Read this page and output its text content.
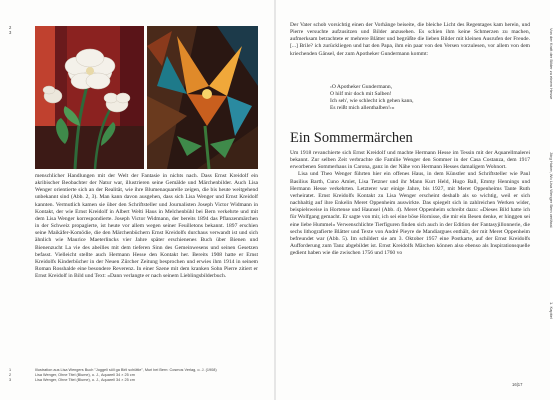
2
3

menschlicher Handlungen mit der Welt der Fantasie in nichts nach. Dass Ernst Kreidolf ein akribischer Beobachter der Natur war, illustrieren seine Gemälde und Märchenbilder. Auch Lisa Wenger orientierte sich an der Realität, wie ihre Blumenaquarelle zeigen, die bis heute weitgehend unbekannt sind (Abb. 2, 3). Man kann davon ausgehen, dass sich Lisa Wenger und Ernst Kreidolf kannten. Vermutlich kamen sie über den Schriftsteller und Journalisten Joseph Victor Widmann in Kontakt, der wie Ernst Kreidolf in Albert Welti Haus in Melchenbühl bei Bern verkehrte und mit dem Lisa Wenger korrespondierte. Joseph Victor Widmann, der bereits 1894 das Pflanzenmärchen in der Schweiz propagierte, ist heute vor allem wegen seiner Feuilletons bekannt. 1897 erschien seine Maikäfer-Komödie, die den Märchenbüchern Ernst Kreidolfs durchaus verwandt ist und sich ähnlich wie Maurice Maeterlincks vier Jahre später erschienenes Buch über Bienen und Bienenzucht La vie des abeilles mit dem tieferen Sinn des Gemeinwesens und seinen Gesetzen befasst. Vielleicht stellte auch Hermann Hesse den Kontakt her. Bereits 1908 hatte er Ernst Kreidolfs Kinderbücher in der Neuen Zürcher Zeitung besprochen und erwies ihm 1914 in seinem Roman Rosshalde eine besondere Reverenz. In einer Szene mit dem kranken Sohn Pierre zitiert er Ernst Kreidolf in Bild und Text: «Dann verlangte er nach seinem Lieblingsbilderbuch.

1	Illustration aus Lisa Wengers Buch "Joggeli söll ga Birli schüttle", Muri bei Bern: Cosmos Verlag, o. J. (1908)
2	Lisa Wenger, Ohne Titel (Blume), o. J., Aquarell 34 × 25 cm
3	Lisa Wenger, Ohne Titel (Blume), o. J., Aquarell 34 × 25 cm
Von der Kraft der Bilder zu einem Hesse
Jörg Huber, Wo Lisa Wenger Bern verlässt
1. Kapitel

Der Vater schob vorsichtig einen der Vorhänge beiseite, die bleiche Licht des Regentages kam herein, und Pierre versuchte aufzusitzen und Bilder anzusehen. Es schien ihm keine Schmerzen zu machen, aufmerksam betrachtete er mehrere Blätter und begrüßte die lieben Bilder mit kleinen Ausrufen der Freude. [...] Brile? ich zurückliegen und hat den Papa, ihm ein paar von den Versen vorzulesen, vor allem von dem kriechenden Gänsel, der zum Apotheker Gundermann kommt:

‹O Apotheker Gundermann,
O hilf mir doch mit Salben!
Ich seh', wie schlecht ich gehen kann,
Es reißt mich allenthalben!›»
Ein Sommermärchen

Um 1918 revanchierte sich Ernst Kreidolf und machte Hermann Hesse im Tessin mit der Aquarellmalerei bekannt. Zur selben Zeit verbrachte die Familie Wenger den Sommer in der Casa Costanza, dem 1917 erworbenen Sommerhaus in Carona, ganz in der Nähe von Hermann Hesses damaligem Wohnort.

Lisa und Theo Wenger führten hier ein offenes Haus, in dem Künstler und Schriftsteller wie Paul Basilius Barth, Cuno Amiet, Lisa Tetzner und ihr Mann Kurt Held, Hugo Ball, Emmy Hennings und Hermann Hesse verkehrten. Letzterer war einige Jahre, bis 1927, mit Meret Oppenheims Tante Ruth verheiratet. Ernst Kreidolfs Kontakt zu Lisa Wenger erscheint deshalb als so wichtig, weil er sich nachhaltig auf ihre Enkelin Meret Oppenheim auswirkte. Das spiegelt sich in zahlreichen Werken wider, beispielsweise in Hortense und Haunsel (Abb. 4). Meret Oppenheim schreibt dazu: «Dieses Bild hatte ich für Wolfgang gemacht. Er sagte von mir, ich sei eine böse Hornisse, die mir ein Besen denke, er hinggen sei eine liebe Hummel» Verwenschlichte Tierfiguren finden sich auch in der Edition der Fantasyjillonnerie, die sechs lithografierte Blätter und Texte von André Pieyre de Mandiargues enthält, der mit Meret Oppenheim befreundet war (Abb. 5). Im schildert sie am 3. Oktober 1957 eine Postkarte, auf der Ernst Kreidolfs Aufforderung zum Tanz abgebildet ist. Ernst Kreidolfs Märchen können also ebenso als Inspirationsquelle gedient haben wie die zwischen 1756 und 1760 vo

16|17
